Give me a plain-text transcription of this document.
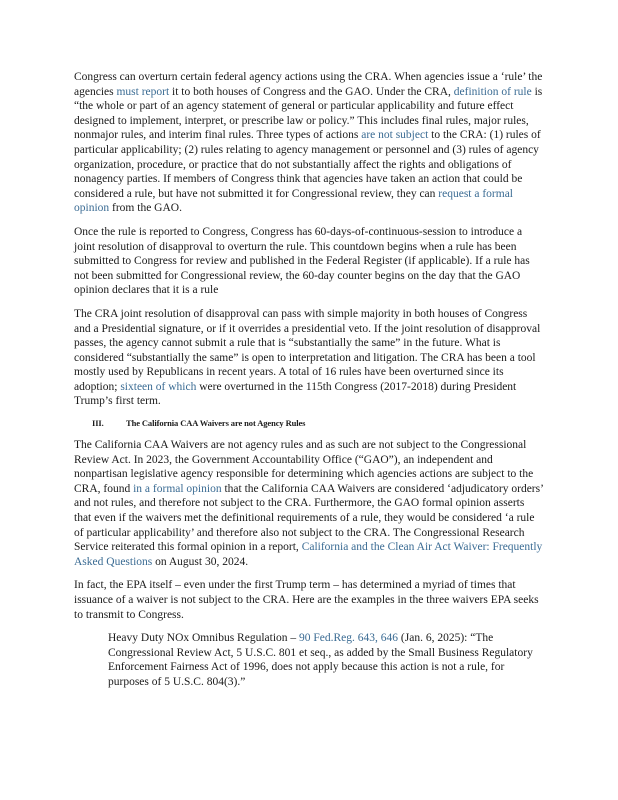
Congress can overturn certain federal agency actions using the CRA. When agencies issue a ‘rule’ the agencies must report it to both houses of Congress and the GAO. Under the CRA, definition of rule is “the whole or part of an agency statement of general or particular applicability and future effect designed to implement, interpret, or prescribe law or policy.” This includes final rules, major rules, nonmajor rules, and interim final rules. Three types of actions are not subject to the CRA: (1) rules of particular applicability; (2) rules relating to agency management or personnel and (3) rules of agency organization, procedure, or practice that do not substantially affect the rights and obligations of nonagency parties. If members of Congress think that agencies have taken an action that could be considered a rule, but have not submitted it for Congressional review, they can request a formal opinion from the GAO.

Once the rule is reported to Congress, Congress has 60-days-of-continuous-session to introduce a joint resolution of disapproval to overturn the rule. This countdown begins when a rule has been submitted to Congress for review and published in the Federal Register (if applicable). If a rule has not been submitted for Congressional review, the 60-day counter begins on the day that the GAO opinion declares that it is a rule

The CRA joint resolution of disapproval can pass with simple majority in both houses of Congress and a Presidential signature, or if it overrides a presidential veto. If the joint resolution of disapproval passes, the agency cannot submit a rule that is “substantially the same” in the future. What is considered “substantially the same” is open to interpretation and litigation. The CRA has been a tool mostly used by Republicans in recent years. A total of 16 rules have been overturned since its adoption; sixteen of which were overturned in the 115th Congress (2017-2018) during President Trump’s first term.

III.	The California CAA Waivers are not Agency Rules

The California CAA Waivers are not agency rules and as such are not subject to the Congressional Review Act. In 2023, the Government Accountability Office (“GAO”), an independent and nonpartisan legislative agency responsible for determining which agencies actions are subject to the CRA, found in a formal opinion that the California CAA Waivers are considered ‘adjudicatory orders’ and not rules, and therefore not subject to the CRA. Furthermore, the GAO formal opinion asserts that even if the waivers met the definitional requirements of a rule, they would be considered ‘a rule of particular applicability’ and therefore also not subject to the CRA. The Congressional Research Service reiterated this formal opinion in a report, California and the Clean Air Act Waiver: Frequently Asked Questions on August 30, 2024.

In fact, the EPA itself – even under the first Trump term – has determined a myriad of times that issuance of a waiver is not subject to the CRA. Here are the examples in the three waivers EPA seeks to transmit to Congress.

Heavy Duty NOx Omnibus Regulation – 90 Fed.Reg. 643, 646 (Jan. 6, 2025): “The Congressional Review Act, 5 U.S.C. 801 et seq., as added by the Small Business Regulatory Enforcement Fairness Act of 1996, does not apply because this action is not a rule, for purposes of 5 U.S.C. 804(3).”
